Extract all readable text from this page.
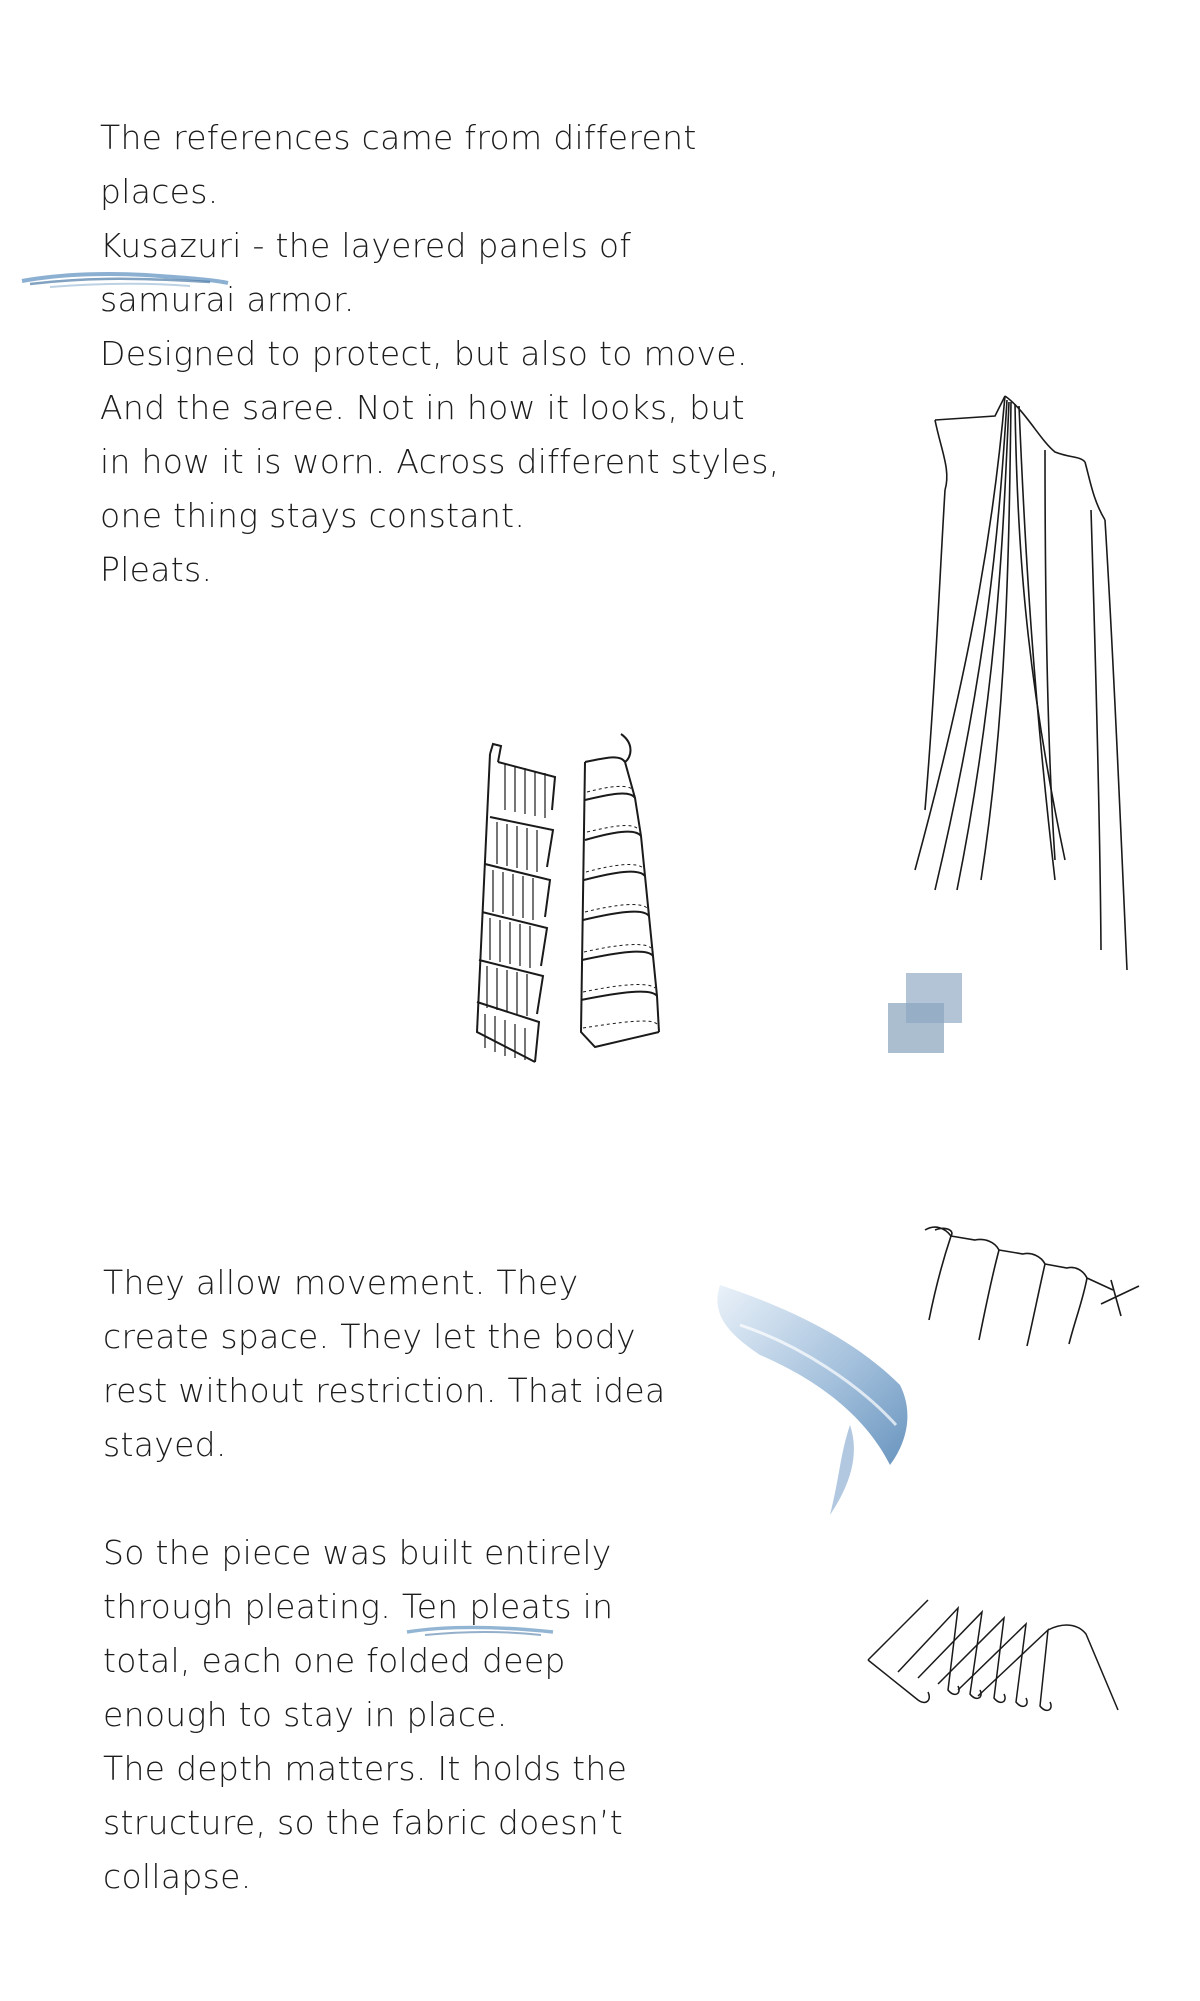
The references came from different
places.

Kusazuri - the layered panels of
samurai armor.

Designed to protect, but also to move.

And the saree. Not in how it looks, but
in how it is worn. Across different styles,
one thing stays constant.

Pleats.

They allow movement. They
create space. They let the body
rest without restriction. That idea
stayed.

So the piece was built entirely
through pleating. Ten pleats in
total, each one folded deep
enough to stay in place.

The depth matters. It holds the
structure, so the fabric doesn’t
collapse.
